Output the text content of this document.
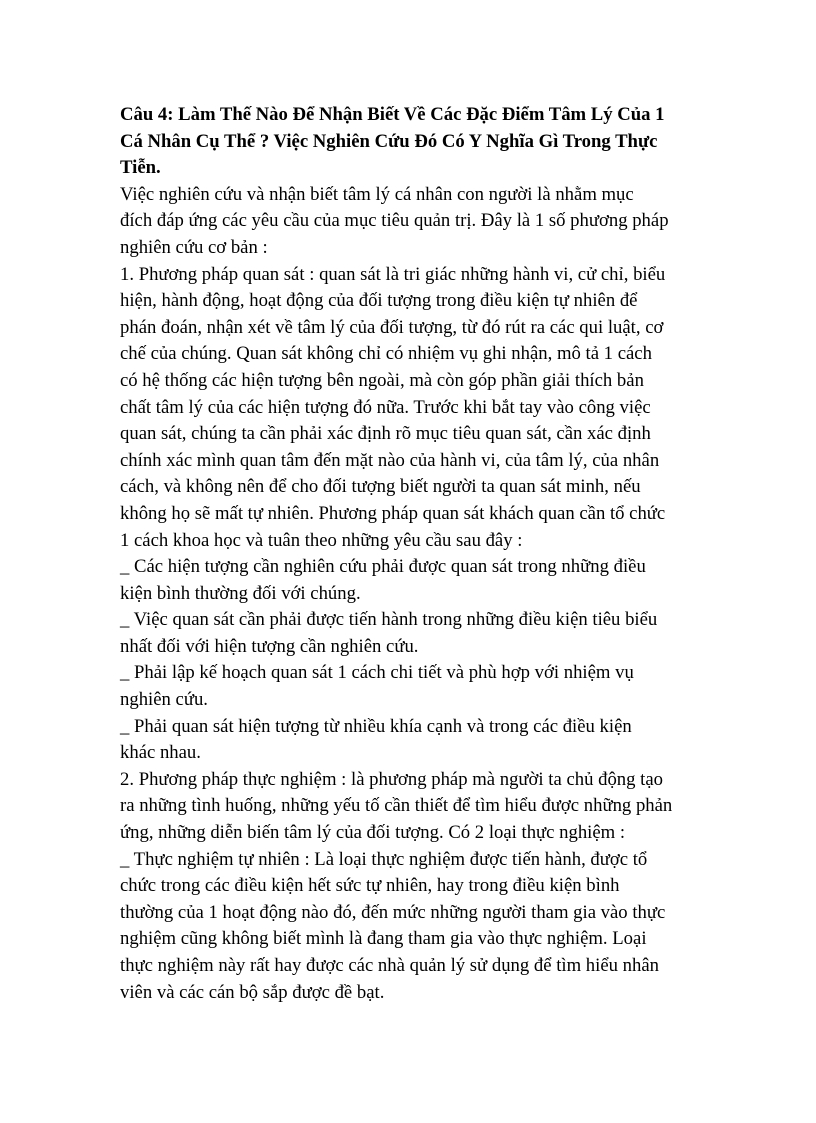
Câu 4: Làm Thế Nào Để Nhận Biết Về Các Đặc Điểm Tâm Lý Của 1
Cá Nhân Cụ Thể ? Việc Nghiên Cứu Đó Có Y Nghĩa Gì Trong Thực
Tiễn.
Việc nghiên cứu và nhận biết tâm lý cá nhân con người là nhằm mục
đích đáp ứng các yêu cầu của mục tiêu quản trị. Đây là 1 số phương pháp
nghiên cứu cơ bản :
1. Phương pháp quan sát : quan sát là tri giác những hành vi, cử chỉ, biểu
hiện, hành động, hoạt động của đối tượng trong điều kiện tự nhiên để
phán đoán, nhận xét về tâm lý của đối tượng, từ đó rút ra các qui luật, cơ
chế của chúng. Quan sát không chỉ có nhiệm vụ ghi nhận, mô tả 1 cách
có hệ thống các hiện tượng bên ngoài, mà còn góp phần giải thích bản
chất tâm lý của các hiện tượng đó nữa. Trước khi bắt tay vào công việc
quan sát, chúng ta cần phải xác định rõ mục tiêu quan sát, cần xác định
chính xác mình quan tâm đến mặt nào của hành vi, của tâm lý, của nhân
cách, và không nên để cho đối tượng biết người ta quan sát minh, nếu
không họ sẽ mất tự nhiên. Phương pháp quan sát khách quan cần tổ chức
1 cách khoa học và tuân theo những yêu cầu sau đây :
_ Các hiện tượng cần nghiên cứu phải được quan sát trong những điều
kiện bình thường đối với chúng.
_ Việc quan sát cần phải được tiến hành trong những điều kiện tiêu biểu
nhất đối với hiện tượng cần nghiên cứu.
_ Phải lập kế hoạch quan sát 1 cách chi tiết và phù hợp với nhiệm vụ
nghiên cứu.
_ Phải quan sát hiện tượng từ nhiều khía cạnh và trong các điều kiện
khác nhau.
2. Phương pháp thực nghiệm : là phương pháp mà người ta chủ động tạo
ra những tình huống, những yếu tố cần thiết để tìm hiểu được những phản
ứng, những diễn biến tâm lý của đối tượng. Có 2 loại thực nghiệm :
_ Thực nghiệm tự nhiên : Là loại thực nghiệm được tiến hành, được tổ
chức trong các điều kiện hết sức tự nhiên, hay trong điều kiện bình
thường của 1 hoạt động nào đó, đến mức những người tham gia vào thực
nghiệm cũng không biết mình là đang tham gia vào thực nghiệm. Loại
thực nghiệm này rất hay được các nhà quản lý sử dụng để tìm hiểu nhân
viên và các cán bộ sắp được đề bạt.
